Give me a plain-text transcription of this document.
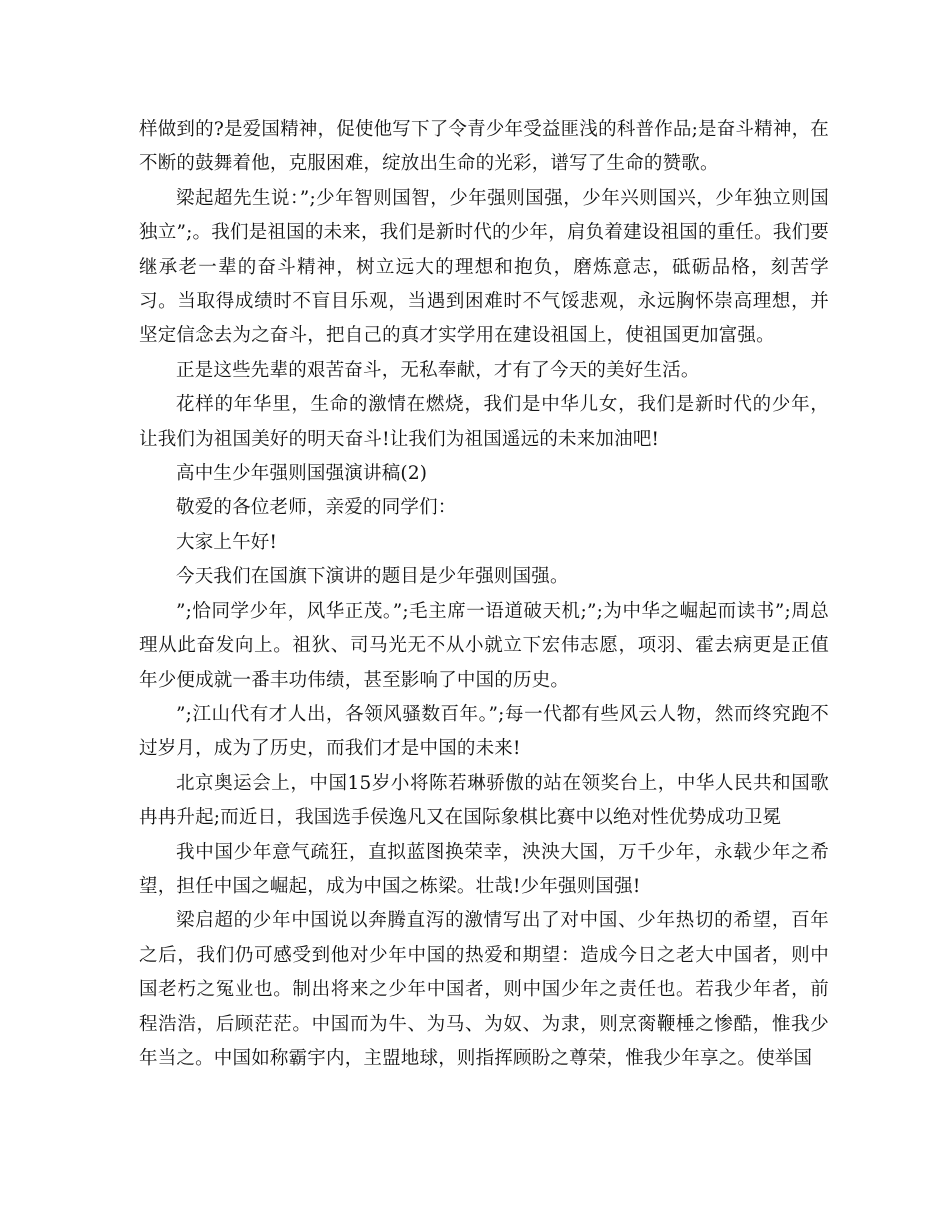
样做到的?是爱国精神，促使他写下了令青少年受益匪浅的科普作品;是奋斗精神，在不断的鼓舞着他，克服困难，绽放出生命的光彩，谱写了生命的赞歌。

梁起超先生说：”;少年智则国智，少年强则国强，少年兴则国兴，少年独立则国独立”;。我们是祖国的未来，我们是新时代的少年，肩负着建设祖国的重任。我们要继承老一辈的奋斗精神，树立远大的理想和抱负，磨炼意志，砥砺品格，刻苦学习。当取得成绩时不盲目乐观，当遇到困难时不气馁悲观，永远胸怀崇高理想，并坚定信念去为之奋斗，把自己的真才实学用在建设祖国上，使祖国更加富强。

正是这些先辈的艰苦奋斗，无私奉献，才有了今天的美好生活。

花样的年华里，生命的激情在燃烧，我们是中华儿女，我们是新时代的少年，让我们为祖国美好的明天奋斗!让我们为祖国遥远的未来加油吧!

高中生少年强则国强演讲稿(2)

敬爱的各位老师，亲爱的同学们：

大家上午好!

今天我们在国旗下演讲的题目是少年强则国强。

”;恰同学少年，风华正茂。”;毛主席一语道破天机;”;为中华之崛起而读书”;周总理从此奋发向上。祖狄、司马光无不从小就立下宏伟志愿，项羽、霍去病更是正值年少便成就一番丰功伟绩，甚至影响了中国的历史。

”;江山代有才人出，各领风骚数百年。”;每一代都有些风云人物，然而终究跑不过岁月，成为了历史，而我们才是中国的未来!

北京奥运会上，中国15岁小将陈若琳骄傲的站在领奖台上，中华人民共和国歌冉冉升起;而近日，我国选手侯逸凡又在国际象棋比赛中以绝对性优势成功卫冕

我中国少年意气疏狂，直拟蓝图换荣幸，泱泱大国，万千少年，永载少年之希望，担任中国之崛起，成为中国之栋梁。壮哉!少年强则国强!

梁启超的少年中国说以奔腾直泻的激情写出了对中国、少年热切的希望，百年之后，我们仍可感受到他对少年中国的热爱和期望：造成今日之老大中国者，则中国老朽之冤业也。制出将来之少年中国者，则中国少年之责任也。若我少年者，前程浩浩，后顾茫茫。中国而为牛、为马、为奴、为隶，则烹脔鞭棰之惨酷，惟我少年当之。中国如称霸宇内，主盟地球，则指挥顾盼之尊荣，惟我少年享之。使举国
